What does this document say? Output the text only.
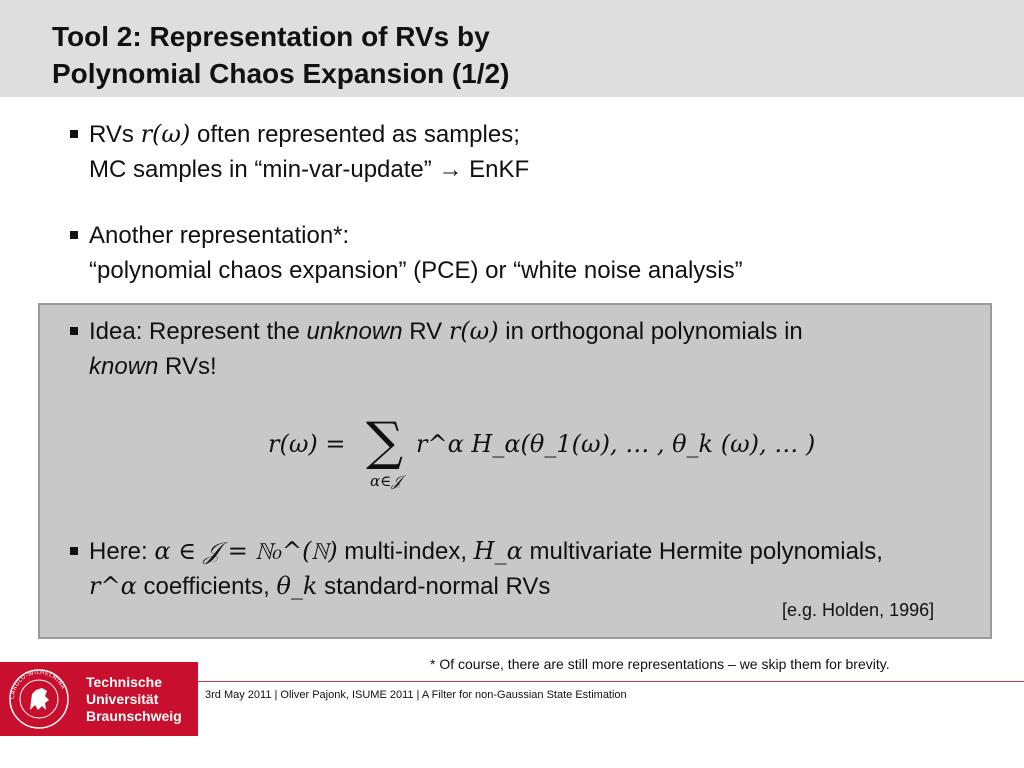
Tool 2: Representation of RVs by
Polynomial Chaos Expansion (1/2)
RVs r(ω) often represented as samples;
MC samples in “min-var-update” → EnKF
Another representation*:
“polynomial chaos expansion” (PCE) or “white noise analysis”
Idea: Represent the unknown RV r(ω) in orthogonal polynomials in
known RVs!
r(ω) = ∑
α∈𝒥
r^α H_α(θ_1(ω), … , θ_k (ω), … )
Here: α ∈ 𝒥 = ℕ₀^(ℕ) multi-index, H_α multivariate Hermite polynomials,
r^α coefficients, θ_k standard-normal RVs
[e.g. Holden, 1996]
* Of course, there are still more representations – we skip them for brevity.
CAROLO-WILHELMINA Technische
Universität
Braunschweig
3rd May 2011 | Oliver Pajonk, ISUME 2011 | A Filter for non-Gaussian State Estimation
